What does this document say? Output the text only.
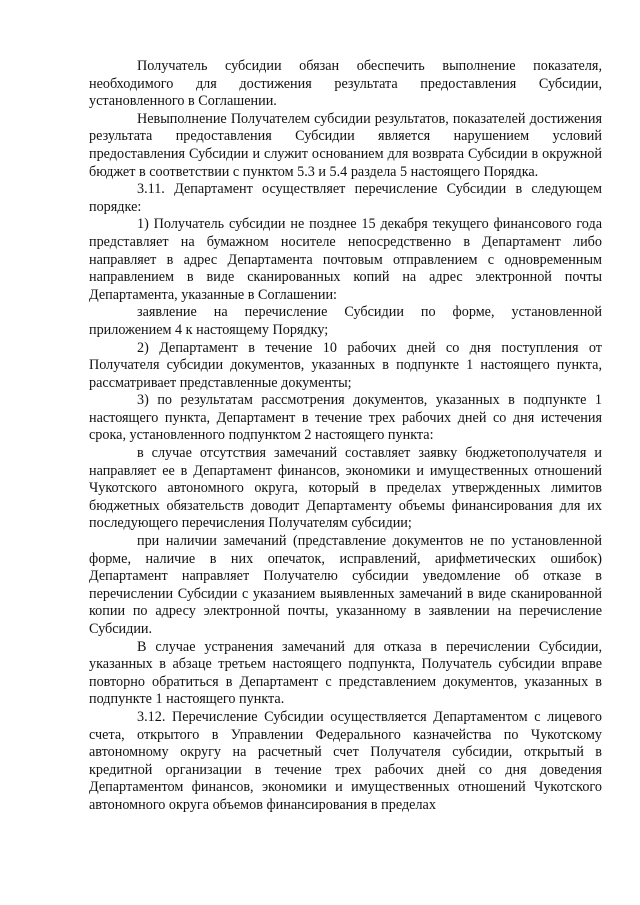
Получатель субсидии обязан обеспечить выполнение показателя, необходимого для достижения результата предоставления Субсидии, установленного в Соглашении.

Невыполнение Получателем субсидии результатов, показателей достижения результата предоставления Субсидии является нарушением условий предоставления Субсидии и служит основанием для возврата Субсидии в окружной бюджет в соответствии с пунктом 5.3 и 5.4 раздела 5 настоящего Порядка.

3.11. Департамент осуществляет перечисление Субсидии в следующем порядке:

1) Получатель субсидии не позднее 15 декабря текущего финансового года представляет на бумажном носителе непосредственно в Департамент либо направляет в адрес Департамента почтовым отправлением с одновременным направлением в виде сканированных копий на адрес электронной почты Департамента, указанные в Соглашении:

заявление на перечисление Субсидии по форме, установленной приложением 4 к настоящему Порядку;

2) Департамент в течение 10 рабочих дней со дня поступления от Получателя субсидии документов, указанных в подпункте 1 настоящего пункта, рассматривает представленные документы;

3) по результатам рассмотрения документов, указанных в подпункте 1 настоящего пункта, Департамент в течение трех рабочих дней со дня истечения срока, установленного подпунктом 2 настоящего пункта:

в случае отсутствия замечаний составляет заявку бюджетополучателя и направляет ее в Департамент финансов, экономики и имущественных отношений Чукотского автономного округа, который в пределах утвержденных лимитов бюджетных обязательств доводит Департаменту объемы финансирования для их последующего перечисления Получателям субсидии;

при наличии замечаний (представление документов не по установленной форме, наличие в них опечаток, исправлений, арифметических ошибок) Департамент направляет Получателю субсидии уведомление об отказе в перечислении Субсидии с указанием выявленных замечаний в виде сканированной копии по адресу электронной почты, указанному в заявлении на перечисление Субсидии.

В случае устранения замечаний для отказа в перечислении Субсидии, указанных в абзаце третьем настоящего подпункта, Получатель субсидии вправе повторно обратиться в Департамент с представлением документов, указанных в подпункте 1 настоящего пункта.

3.12. Перечисление Субсидии осуществляется Департаментом с лицевого счета, открытого в Управлении Федерального казначейства по Чукотскому автономному округу на расчетный счет Получателя субсидии, открытый в кредитной организации в течение трех рабочих дней со дня доведения Департаментом финансов, экономики и имущественных отношений Чукотского автономного округа объемов финансирования в пределах
